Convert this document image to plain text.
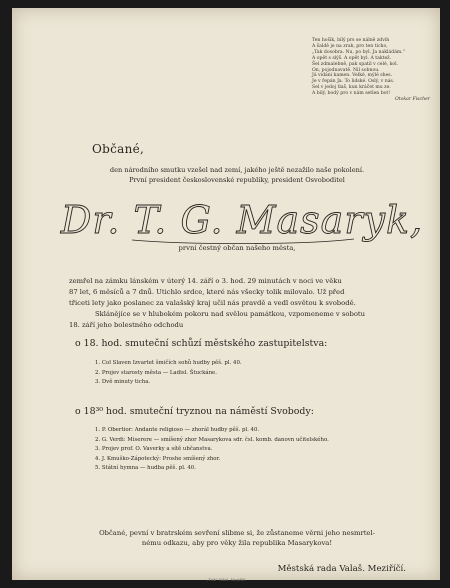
Ten hošík, bílý prs se nálně zdvih
A šaldě je na zrak, pro ten ticho,
„Tak dosobra. Nu, po byl. Ja nakládám."
A opět s slýš. A opět byl. A taktež.
Šel zdmalebně, pak spatil v celé, kol.
On, pojodnavatě. Nil sobnou.
Já vidáni kamen. Velké, mýlé shes.
Je v řepán Ja. To lidské. Oslý, v nás.
Sel v jedoj tlaš, kun kráčet mu ze.
A bilý, bodý pro v nám setlen bot!
Otokar Fischer
Občané,
den národního smutku vzešel nad zemí, jakého ještě nezažilo naše pokolení.
První president československé republiky, president Osvoboditel
Dr. T. G. Masaryk,
první čestný občan našeho města,

zemřel na zámku lánském v úterý 14. září o 3. hod. 29 minutách v noci ve věku

87 let, 6 měsíců a 7 dnů. Utichlo srdce, které nás všecky tolik milovalo. Už před

třiceti lety jako poslanec za valašský kraj učil nás pravdě a vedl osvětou k svobodě.

Sklánějíce se v hlubokém pokoru nad svělou památkou, vzpomeneme v sobotu

18. září jeho bolestného odchodu

o 18. hod. smuteční schůzí městského zastupitelstva:
1. Col Slaven Izvartet šmičích sohů hudby pěš. pl. 40.
2. Projev starosty města — Ladisl. Štuckáne.
3. Dvě minuty ticha.
o 18³⁰ hod. smuteční tryznou na náměstí Svobody:
1. P. Obertior: Andante religioso — zhorál hudby pěš. pl. 40.
2. G. Verdi: Miserere — smíšený zhor Masarykova sdr. čsl. komb. danovn učitelského.
3. Projev prof. O. Vaverky a sítě ubčanstva.
4. J. Kmuško-Zápotecký: Proshe smíšený zhor.
5. Státní hymna — hudba pěš. pl. 40.
Občané, pevní v bratrském sevření slibme si, že zůstaneme věrni jeho nesmrtel-
nému odkazu, aby pro věky žila republika Masarykova!
Městská rada Valaš. Meziříčí.
„Tisk" Valaš. Meziříčí
